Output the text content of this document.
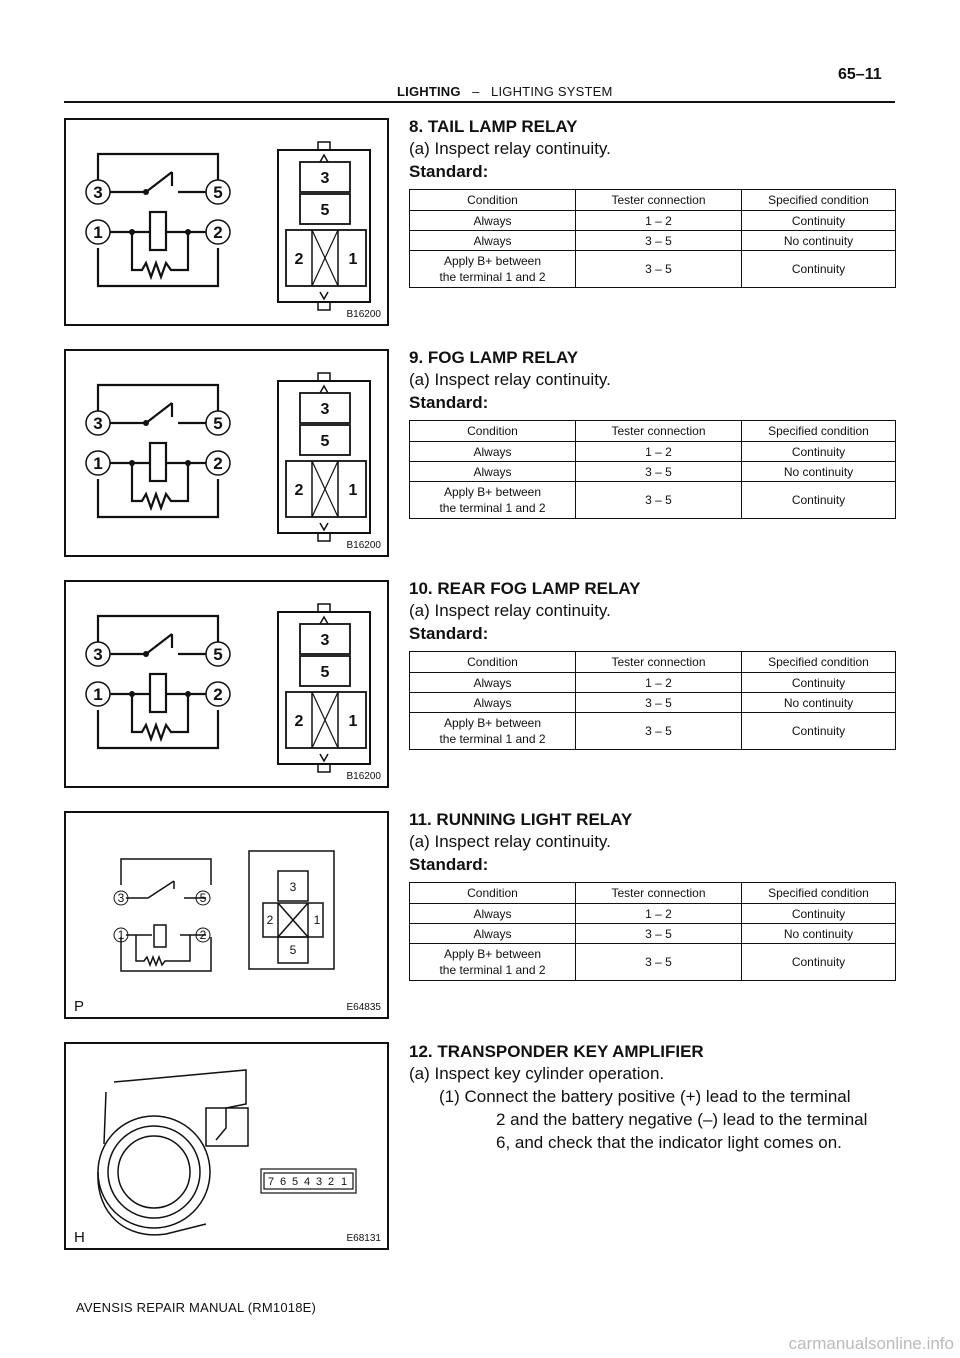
LIGHTING – LIGHTING SYSTEM
65–11
3	5
1	2
3
5
2	1
B16200
3	5
1	2
3
5
2	1
B16200
3	5
1	2
3
5
2	1
B16200
3	5
1	2
3
2	1
5
P	E64835
7 6 5 4 3 2 1
H	E68131

8. TAIL LAMP RELAY

(a) Inspect relay continuity.

Standard:

Condition	Tester connection	Specified condition
Always	1 – 2	Continuity
Always	3 – 5	No continuity
Apply B+ between
the terminal 1 and 2	3 – 5	Continuity

9. FOG LAMP RELAY

(a) Inspect relay continuity.

Standard:

Condition	Tester connection	Specified condition
Always	1 – 2	Continuity
Always	3 – 5	No continuity
Apply B+ between
the terminal 1 and 2	3 – 5	Continuity

10. REAR FOG LAMP RELAY

(a) Inspect relay continuity.

Standard:

Condition	Tester connection	Specified condition
Always	1 – 2	Continuity
Always	3 – 5	No continuity
Apply B+ between
the terminal 1 and 2	3 – 5	Continuity

11. RUNNING LIGHT RELAY

(a) Inspect relay continuity.

Standard:

Condition	Tester connection	Specified condition
Always	1 – 2	Continuity
Always	3 – 5	No continuity
Apply B+ between
the terminal 1 and 2	3 – 5	Continuity

12. TRANSPONDER KEY AMPLIFIER

(a) Inspect key cylinder operation.

(1) Connect the battery positive (+) lead to the terminal

2 and the battery negative (–) lead to the terminal

6, and check that the indicator light comes on.

AVENSIS REPAIR MANUAL (RM1018E)
carmanualsonline.info
